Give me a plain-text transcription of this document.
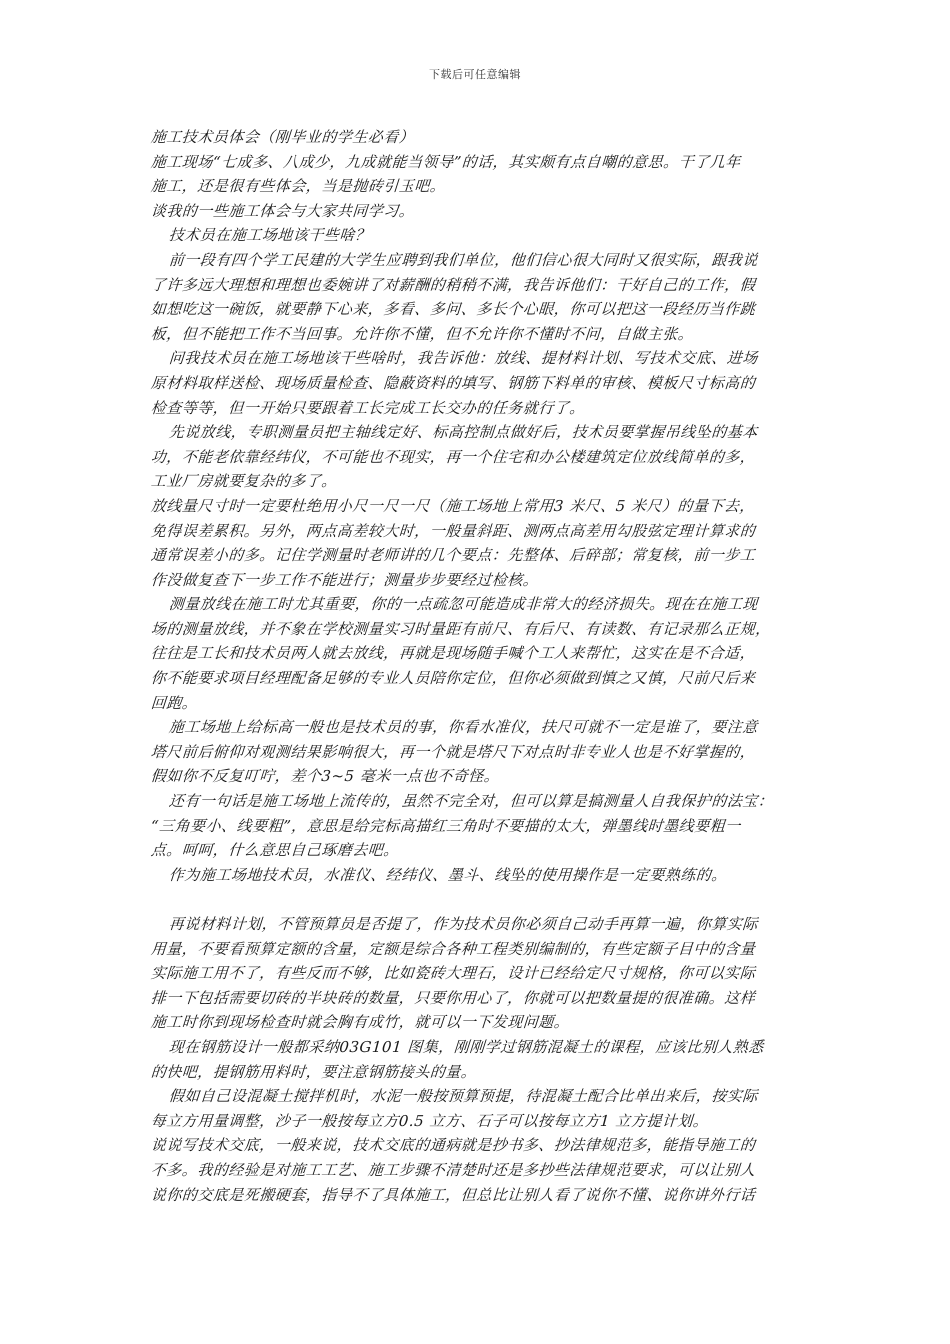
下载后可任意编辑
施工技术员体会（刚毕业的学生必看）
施工现场“七成多、八成少，九成就能当领导”的话，其实颇有点自嘲的意思。干了几年
施工，还是很有些体会，当是抛砖引玉吧。
谈我的一些施工体会与大家共同学习。
技术员在施工场地该干些啥？
前一段有四个学工民建的大学生应聘到我们单位，他们信心很大同时又很实际，跟我说
了许多远大理想和理想也委婉讲了对薪酬的稍稍不满，我告诉他们：干好自己的工作，假
如想吃这一碗饭，就要静下心来，多看、多问、多长个心眼，你可以把这一段经历当作跳
板，但不能把工作不当回事。允许你不懂，但不允许你不懂时不问，自做主张。
问我技术员在施工场地该干些啥时，我告诉他：放线、提材料计划、写技术交底、进场
原材料取样送检、现场质量检查、隐蔽资料的填写、钢筋下料单的审核、模板尺寸标高的
检查等等，但一开始只要跟着工长完成工长交办的任务就行了。
先说放线，专职测量员把主轴线定好、标高控制点做好后，技术员要掌握吊线坠的基本
功，不能老依靠经纬仪，不可能也不现实，再一个住宅和办公楼建筑定位放线简单的多，
工业厂房就要复杂的多了。
放线量尺寸时一定要杜绝用小尺一尺一尺（施工场地上常用3 米尺、5 米尺）的量下去，
免得误差累积。另外，两点高差较大时，一般量斜距、测两点高差用勾股弦定理计算求的
通常误差小的多。记住学测量时老师讲的几个要点：先整体、后碎部；常复核，前一步工
作没做复查下一步工作不能进行；测量步步要经过检核。
测量放线在施工时尤其重要，你的一点疏忽可能造成非常大的经济损失。现在在施工现
场的测量放线，并不象在学校测量实习时量距有前尺、有后尺、有读数、有记录那么正规，
往往是工长和技术员两人就去放线，再就是现场随手喊个工人来帮忙，这实在是不合适，
你不能要求项目经理配备足够的专业人员陪你定位，但你必须做到慎之又慎，尺前尺后来
回跑。
施工场地上给标高一般也是技术员的事，你看水准仪，扶尺可就不一定是谁了，要注意
塔尺前后俯仰对观测结果影响很大，再一个就是塔尺下对点时非专业人也是不好掌握的，
假如你不反复叮咛，差个3~5 毫米一点也不奇怪。
还有一句话是施工场地上流传的，虽然不完全对，但可以算是搞测量人自我保护的法宝：
“三角要小、线要粗”，意思是给完标高描红三角时不要描的太大，弹墨线时墨线要粗一
点。呵呵，什么意思自己琢磨去吧。
作为施工场地技术员，水准仪、经纬仪、墨斗、线坠的使用操作是一定要熟练的。
再说材料计划，不管预算员是否提了，作为技术员你必须自己动手再算一遍，你算实际
用量，不要看预算定额的含量，定额是综合各种工程类别编制的，有些定额子目中的含量
实际施工用不了，有些反而不够，比如瓷砖大理石，设计已经给定尺寸规格，你可以实际
排一下包括需要切砖的半块砖的数量，只要你用心了，你就可以把数量提的很准确。这样
施工时你到现场检查时就会胸有成竹，就可以一下发现问题。
现在钢筋设计一般都采纳03G101 图集，刚刚学过钢筋混凝土的课程，应该比别人熟悉
的快吧，提钢筋用料时，要注意钢筋接头的量。
假如自己设混凝土搅拌机时，水泥一般按预算预提，待混凝土配合比单出来后，按实际
每立方用量调整，沙子一般按每立方0.5 立方、石子可以按每立方1 立方提计划。
说说写技术交底，一般来说，技术交底的通病就是抄书多、抄法律规范多，能指导施工的
不多。我的经验是对施工工艺、施工步骤不清楚时还是多抄些法律规范要求，可以让别人
说你的交底是死搬硬套，指导不了具体施工，但总比让别人看了说你不懂、说你讲外行话
